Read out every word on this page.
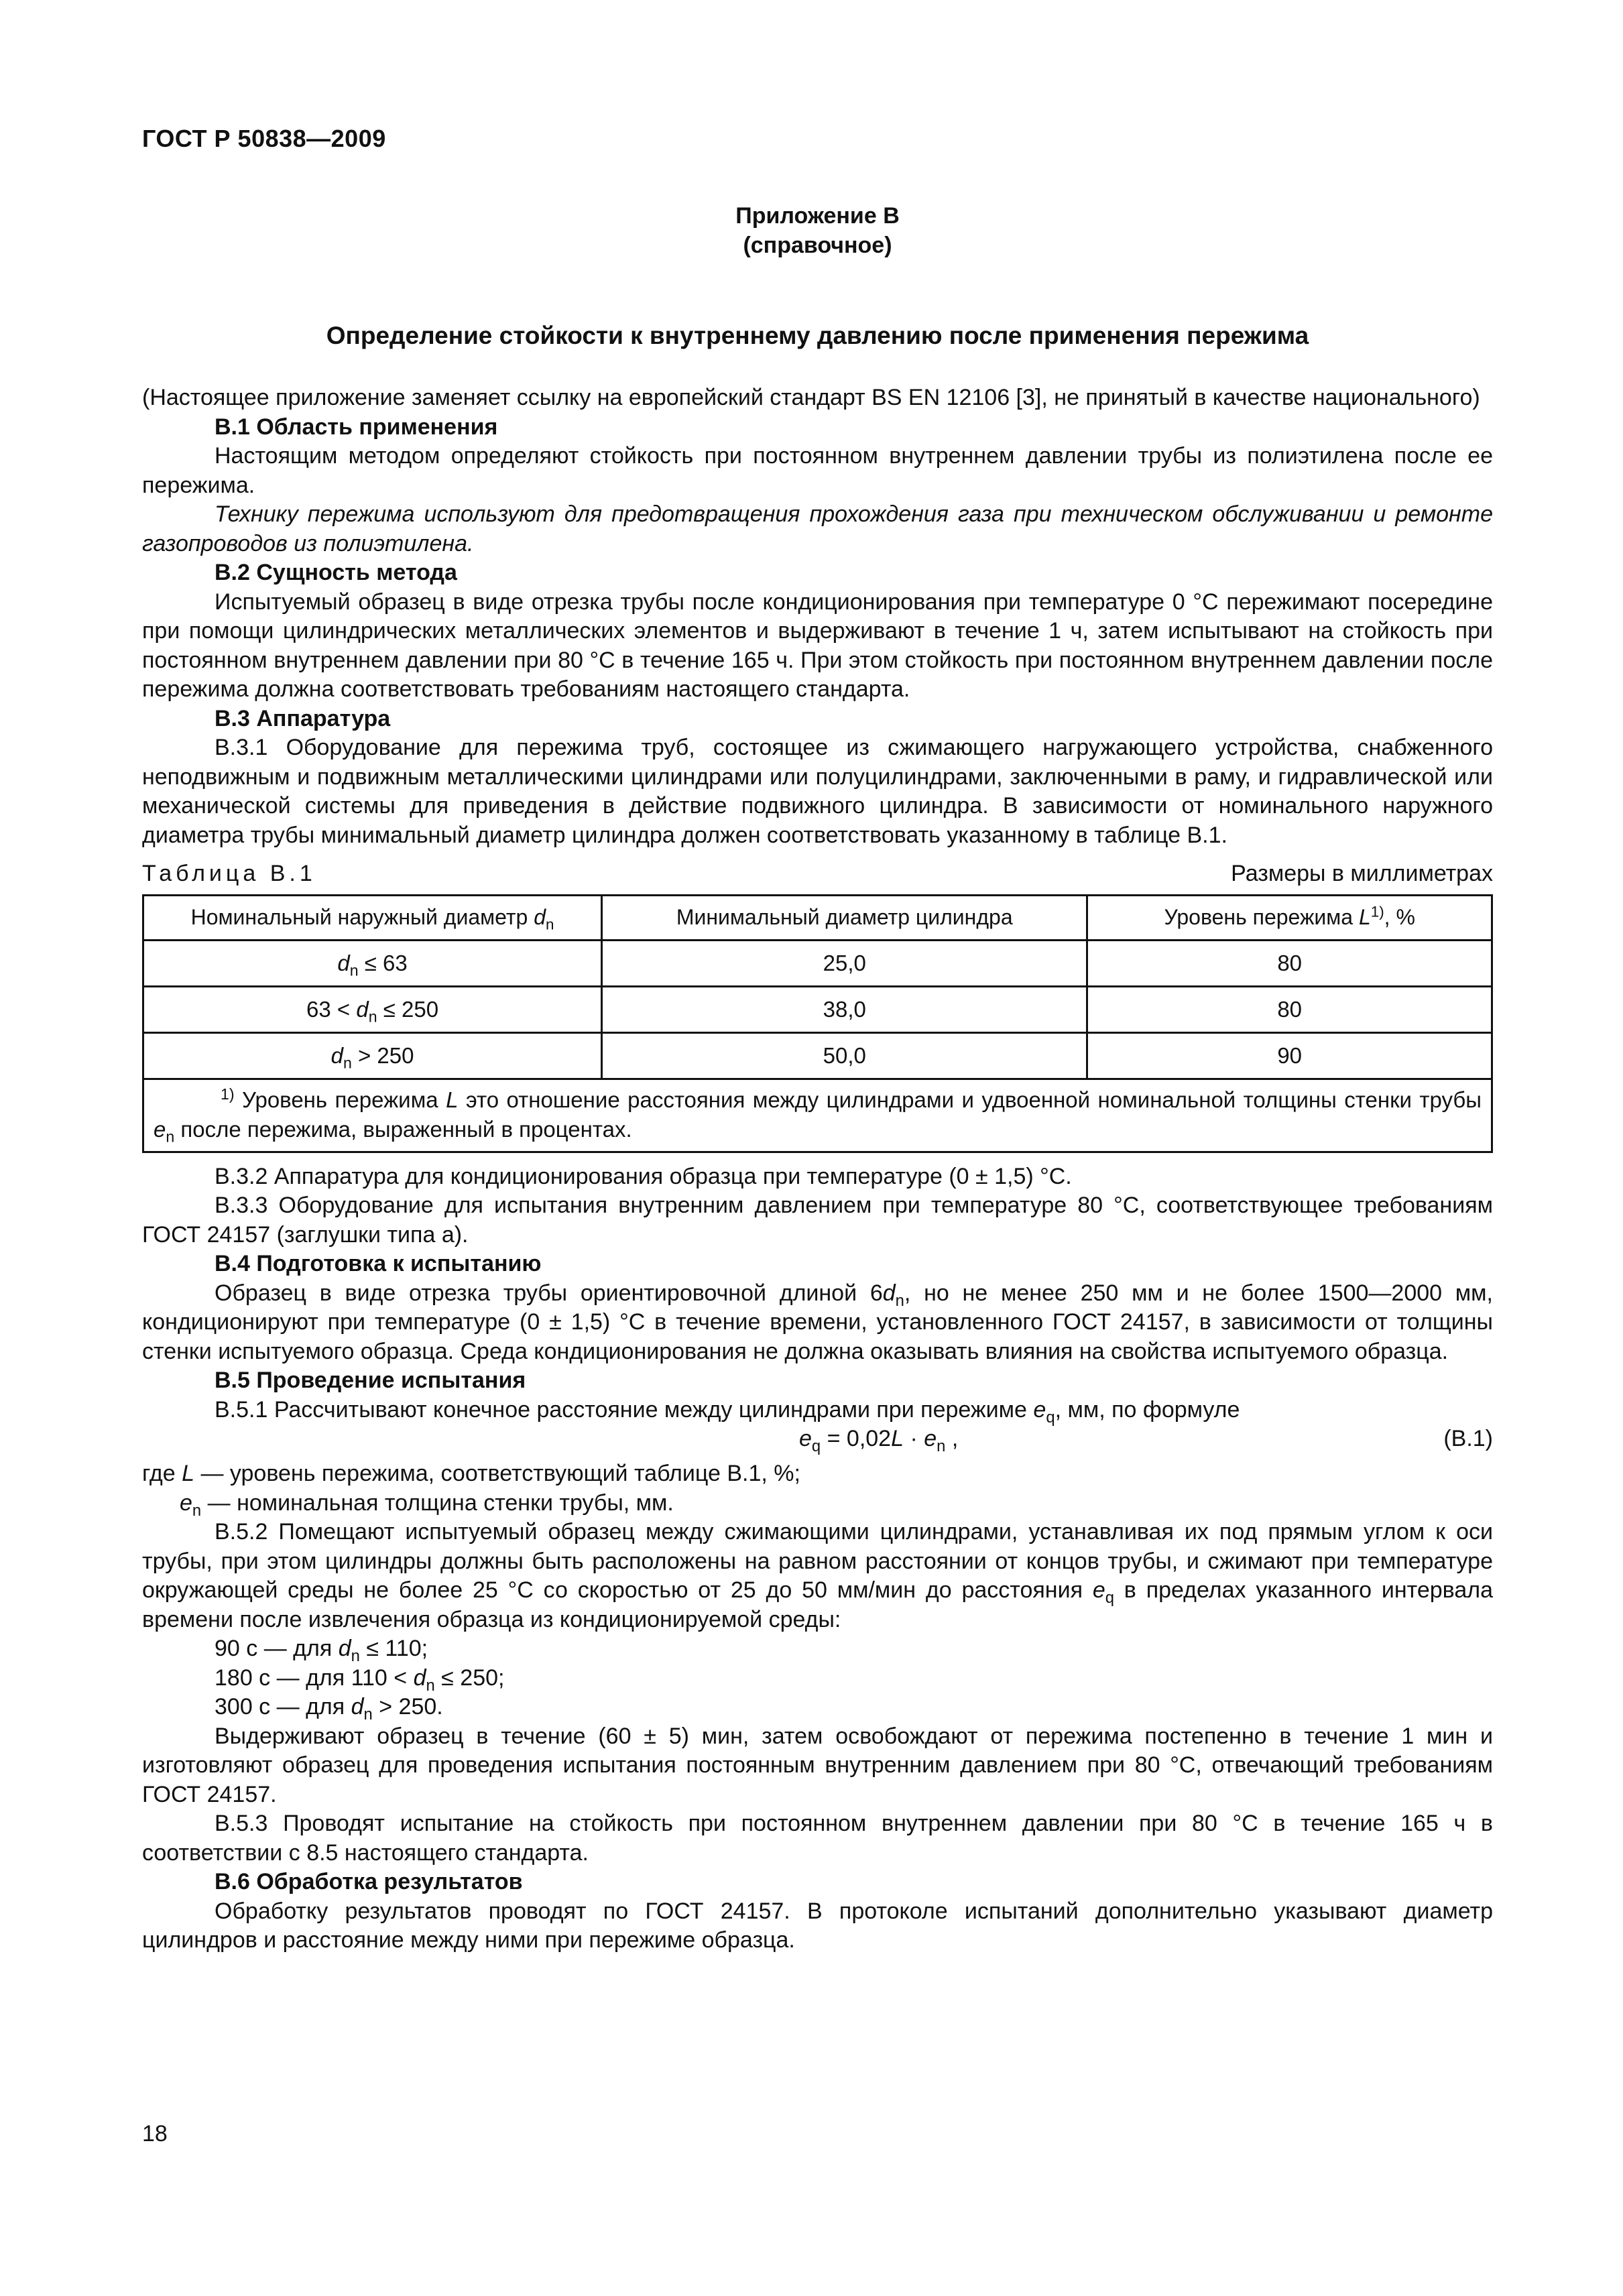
ГОСТ Р 50838—2009
Приложение В
(справочное)
Определение стойкости к внутреннему давлению после применения пережима

(Настоящее приложение заменяет ссылку на европейский стандарт BS EN 12106 [3], не принятый в качестве национального)

В.1 Область применения

Настоящим методом определяют стойкость при постоянном внутреннем давлении трубы из полиэтилена после ее пережима.

Технику пережима используют для предотвращения прохождения газа при техническом обслуживании и ремонте газопроводов из полиэтилена.

В.2 Сущность метода

Испытуемый образец в виде отрезка трубы после кондиционирования при температуре 0 °С пережимают посередине при помощи цилиндрических металлических элементов и выдерживают в течение 1 ч, затем испытывают на стойкость при постоянном внутреннем давлении при 80 °С в течение 165 ч. При этом стойкость при постоянном внутреннем давлении после пережима должна соответствовать требованиям настоящего стандарта.

В.3 Аппаратура

В.3.1 Оборудование для пережима труб, состоящее из сжимающего нагружающего устройства, снабженного неподвижным и подвижным металлическими цилиндрами или полуцилиндрами, заключенными в раму, и гидравлической или механической системы для приведения в действие подвижного цилиндра. В зависимости от номинального наружного диаметра трубы минимальный диаметр цилиндра должен соответствовать указанному в таблице В.1.

Таблица В.1	Размеры в миллиметрах
Номинальный наружный диаметр $d_n$	Минимальный диаметр цилиндра	Уровень пережима $L^{1)}$, %
$d_n \le 63$	25,0	80
$63 < d_n \le 250$	38,0	80
$d_n > 250$	50,0	90
$^{1)}$ Уровень пережима L это отношение расстояния между цилиндрами и удвоенной номинальной толщины стенки трубы $e_n$ после пережима, выраженный в процентах.		

В.3.2 Аппаратура для кондиционирования образца при температуре (0 ± 1,5) °С.

В.3.3 Оборудование для испытания внутренним давлением при температуре 80 °С, соответствующее требованиям ГОСТ 24157 (заглушки типа а).

В.4 Подготовка к испытанию

Образец в виде отрезка трубы ориентировочной длиной $6d_n$, но не менее 250 мм и не более 1500—2000 мм, кондиционируют при температуре (0 ± 1,5) °С в течение времени, установленного ГОСТ 24157, в зависимости от толщины стенки испытуемого образца. Среда кондиционирования не должна оказывать влияния на свойства испытуемого образца.

В.5 Проведение испытания

В.5.1 Рассчитывают конечное расстояние между цилиндрами при пережиме $e_q$, мм, по формуле

$e_q = 0,02L \cdot e_n$ ,	(В.1)

где L — уровень пережима, соответствующий таблице В.1, %;

$e_n$ — номинальная толщина стенки трубы, мм.

В.5.2 Помещают испытуемый образец между сжимающими цилиндрами, устанавливая их под прямым углом к оси трубы, при этом цилиндры должны быть расположены на равном расстоянии от концов трубы, и сжимают при температуре окружающей среды не более 25 °С со скоростью от 25 до 50 мм/мин до расстояния $e_q$ в пределах указанного интервала времени после извлечения образца из кондиционируемой среды:

90 с — для $d_n \le 110$;

180 с — для $110 < d_n \le 250$;

300 с — для $d_n > 250$.

Выдерживают образец в течение (60 ± 5) мин, затем освобождают от пережима постепенно в течение 1 мин и изготовляют образец для проведения испытания постоянным внутренним давлением при 80 °С, отвечающий требованиям ГОСТ 24157.

В.5.3 Проводят испытание на стойкость при постоянном внутреннем давлении при 80 °С в течение 165 ч в соответствии с 8.5 настоящего стандарта.

В.6 Обработка результатов

Обработку результатов проводят по ГОСТ 24157. В протоколе испытаний дополнительно указывают диаметр цилиндров и расстояние между ними при пережиме образца.

18
